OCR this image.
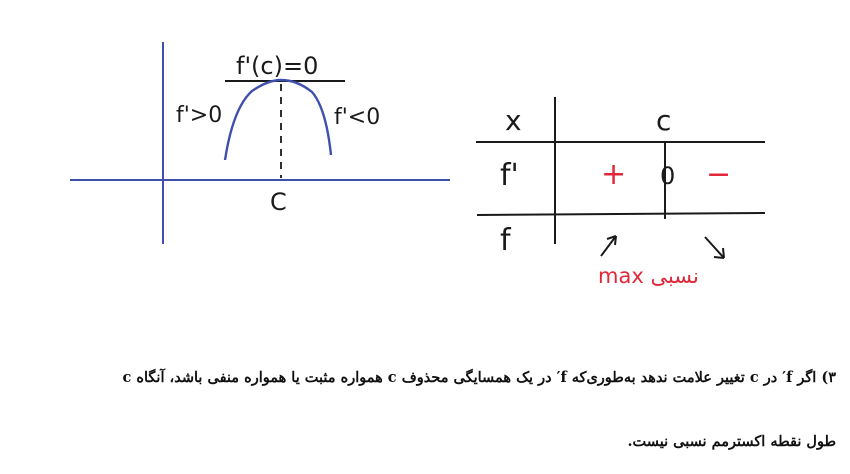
f'(c)=0
f'>0	f'<0
C
x	c
f'	+ 0 −
f
max نسبی
۳) اگر f′ در c تغییر علامت ندهد به‌طوری‌که f′ در یک همسایگی محذوف c همواره مثبت یا همواره منفی باشد، آنگاه c
طول نقطه اکسترمم نسبی نیست.
